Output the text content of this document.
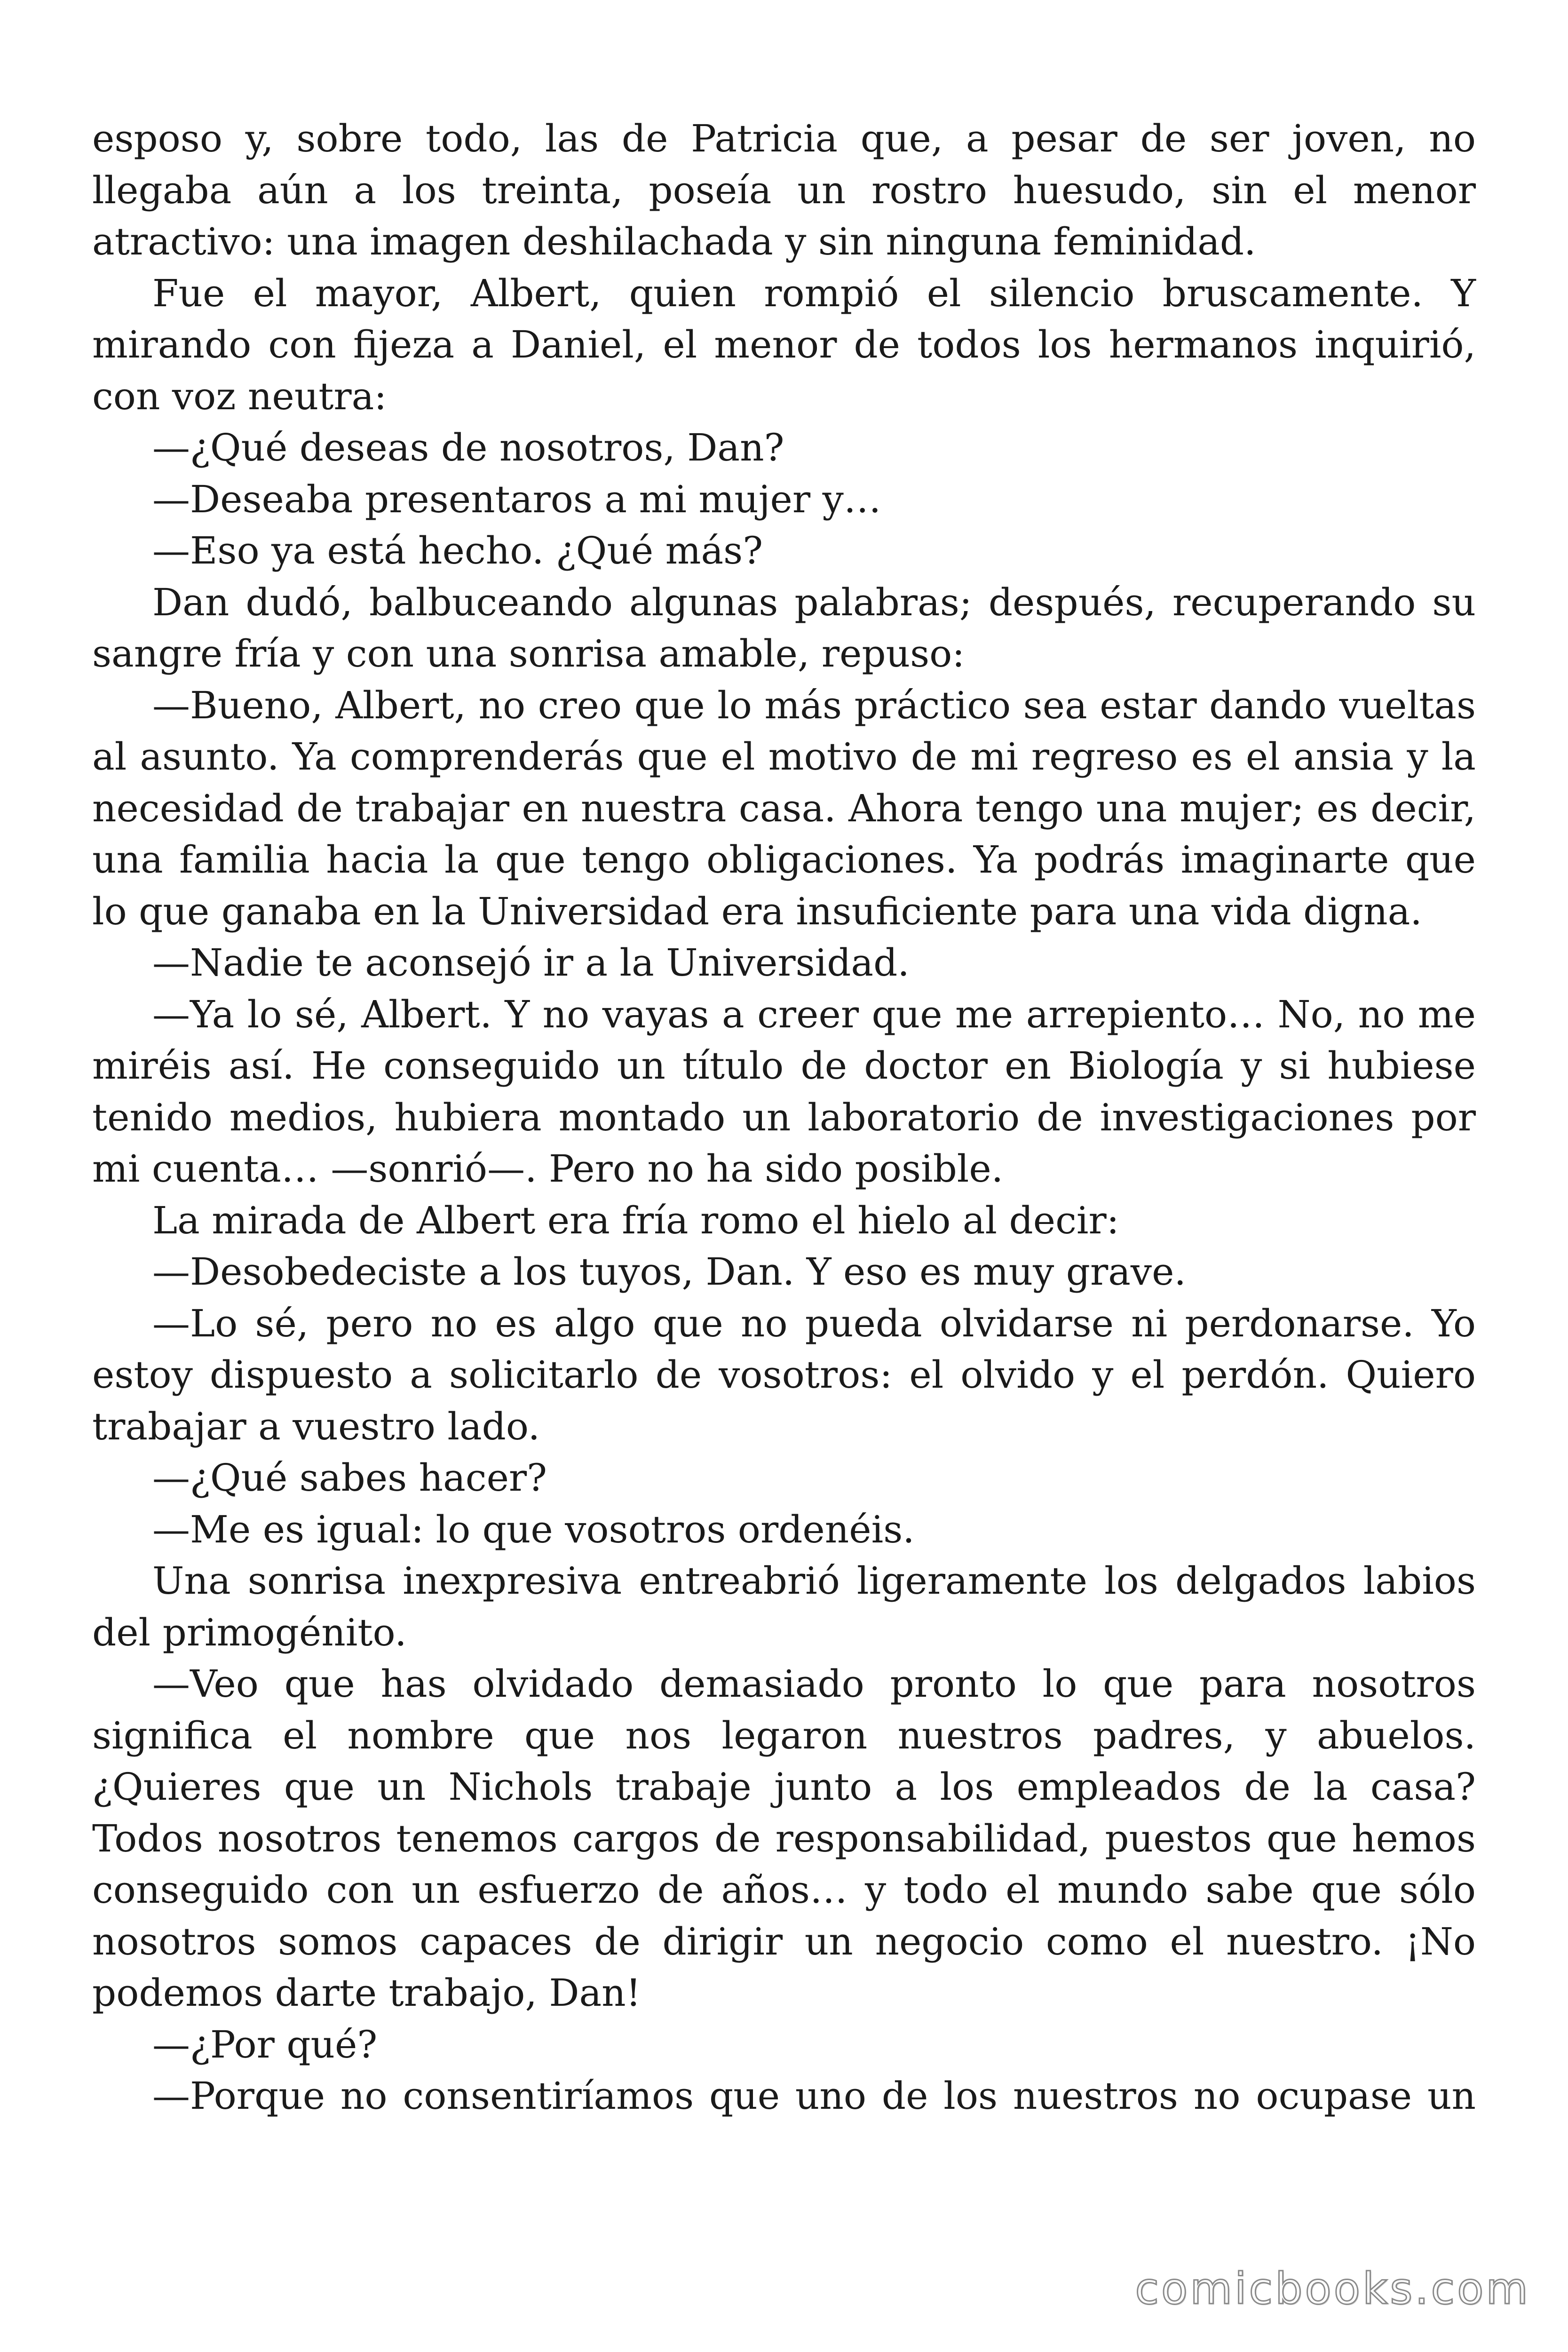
esposo y, sobre todo, las de Patricia que, a pesar de ser joven, no llegaba aún a los treinta, poseía un rostro huesudo, sin el menor atractivo: una imagen deshilachada y sin ninguna feminidad.

Fue el mayor, Albert, quien rompió el silencio bruscamente. Y mirando con fijeza a Daniel, el menor de todos los hermanos inquirió, con voz neutra:

—¿Qué deseas de nosotros, Dan?

—Deseaba presentaros a mi mujer y…

—Eso ya está hecho. ¿Qué más?

Dan dudó, balbuceando algunas palabras; después, recuperando su sangre fría y con una sonrisa amable, repuso:

—Bueno, Albert, no creo que lo más práctico sea estar dando vueltas al asunto. Ya comprenderás que el motivo de mi regreso es el ansia y la necesidad de trabajar en nuestra casa. Ahora tengo una mujer; es decir, una familia hacia la que tengo obligaciones. Ya podrás imaginarte que lo que ganaba en la Universidad era insuficiente para una vida digna.

—Nadie te aconsejó ir a la Universidad.

—Ya lo sé, Albert. Y no vayas a creer que me arrepiento… No, no me miréis así. He conseguido un título de doctor en Biología y si hubiese tenido medios, hubiera montado un laboratorio de investigaciones por mi cuenta… —sonrió—. Pero no ha sido posible.

La mirada de Albert era fría romo el hielo al decir:

—Desobedeciste a los tuyos, Dan. Y eso es muy grave.

—Lo sé, pero no es algo que no pueda olvidarse ni perdonarse. Yo estoy dispuesto a solicitarlo de vosotros: el olvido y el perdón. Quiero trabajar a vuestro lado.

—¿Qué sabes hacer?

—Me es igual: lo que vosotros ordenéis.

Una sonrisa inexpresiva entreabrió ligeramente los delgados labios del primogénito.

—Veo que has olvidado demasiado pronto lo que para nosotros significa el nombre que nos legaron nuestros padres, y abuelos. ¿Quieres que un Nichols trabaje junto a los empleados de la casa? Todos nosotros tenemos cargos de responsabilidad, puestos que hemos conseguido con un esfuerzo de años… y todo el mundo sabe que sólo nosotros somos capaces de dirigir un negocio como el nuestro. ¡No podemos darte trabajo, Dan!

—¿Por qué?

—Porque no consentiríamos que uno de los nuestros no ocupase un

comicbooks.com
